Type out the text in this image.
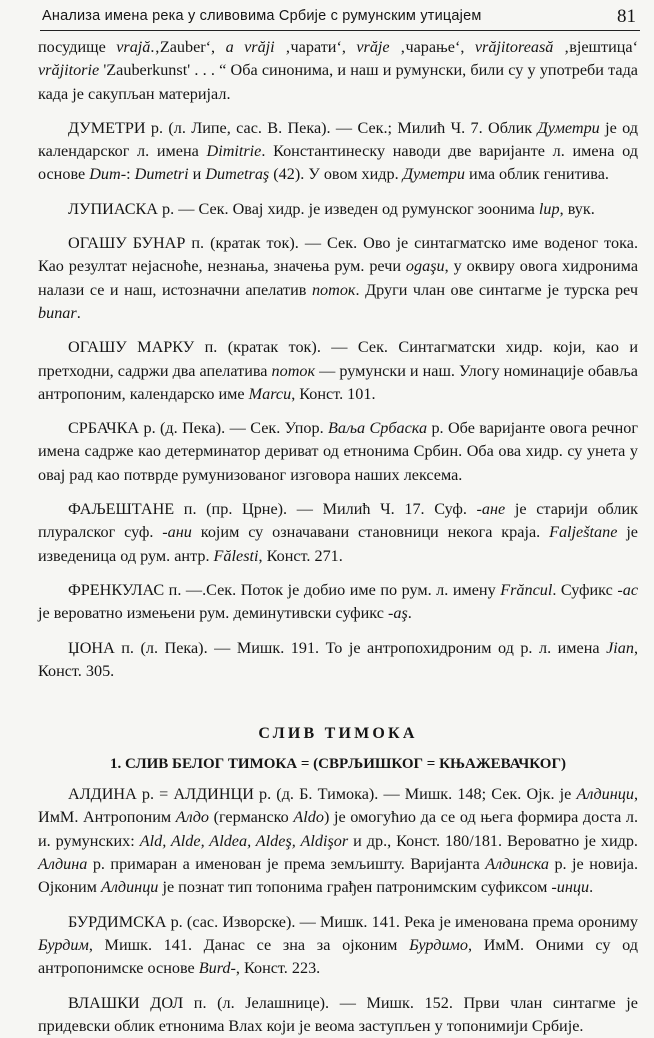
Анализа имена река у сливовима Србије с румунским утицајем	81

посудище vrajă.‚Zauber‘, a vrăji ‚чарати‘, vrăje ‚чарање‘, vrăjitoreasă ‚вјештица‘ vrăjitorie 'Zauberkunst' . . . “ Оба синонима, и наш и румунски, били су у употреби тада када је сакупљан материјал.

ДУМЕТРИ р. (л. Липе, сас. В. Пека). — Сек.; Милић Ч. 7. Облик Думетри је од календарског л. имена Dimitrie. Константинеску наводи две варијанте л. имена од основе Dum-: Dumetri и Dumetraş (42). У овом хидр. Думетри има облик генитива.

ЛУПИАСКА р. — Сек. Овај хидр. је изведен од румунског зоонима lup, вук.

ОГАШУ БУНАР п. (кратак ток). — Сек. Ово је синтагматско име воденог тока. Као резултат нејасноће, незнања, значења рум. речи ogaşu, у оквиру овога хидронима налази се и наш, истозначни апелатив поток. Други члан ове синтагме је турска реч bunar.

ОГАШУ МАРКУ п. (кратак ток). — Сек. Синтагматски хидр. који, као и претходни, садржи два апелатива поток — румунски и наш. Улогу номинације обавља антропоним, календарско име Marcu, Конст. 101.

СРБАЧКА р. (д. Пека). — Сек. Упор. Ваља Србаска р. Обе варијанте овога речног имена садрже као детерминатор дериват од етнонима Србин. Оба ова хидр. су унета у овај рад као потврде румунизованог изговора наших лексема.

ФАЉЕШТАНЕ п. (пр. Црне). — Милић Ч. 17. Суф. -ане је старији облик плуралског суф. -ани којим су означавани становници некога краја. Falještane је изведеница од рум. антр. Fălesti, Конст. 271.

ФРЕНКУЛАС п. —.Сек. Поток је добио име по рум. л. имену Frăncul. Суфикс -ас је вероватно измењени рум. деминутивски суфикс -aş.

ЏОНА п. (л. Пека). — Мишк. 191. То је антропохидроним од р. л. имена Jian, Конст. 305.

СЛИВ ТИМОКА
1. СЛИВ БЕЛОГ ТИМОКА = (СВРЉИШКОГ = КЊАЖЕВАЧКОГ)

АЛДИНА р. = АЛДИНЦИ р. (д. Б. Тимока). — Мишк. 148; Сек. Ојк. је Алдинци, ИмМ. Антропоним Алдо (германско Aldo) је омогућио да се од њега формира доста л. и. румунских: Ald, Alde, Aldea, Aldeş, Aldişor и др., Конст. 180/181. Вероватно је хидр. Алдина р. примаран а именован је према земљишту. Варијанта Алдинска р. је новија. Ојконим Алдинци је познат тип топонима грађен патронимским суфиксом -инци.

БУРДИМСКА р. (сас. Изворске). — Мишк. 141. Река је именована према орониму Бурдим, Мишк. 141. Данас се зна за ојконим Бурдимо, ИмМ. Оними су од антропонимске основе Burd-, Конст. 223.

ВЛАШКИ ДОЛ п. (л. Јелашнице). — Мишк. 152. Први члан синтагме је придевски облик етнонима Влах који је веома заступљен у топонимији Србије.
